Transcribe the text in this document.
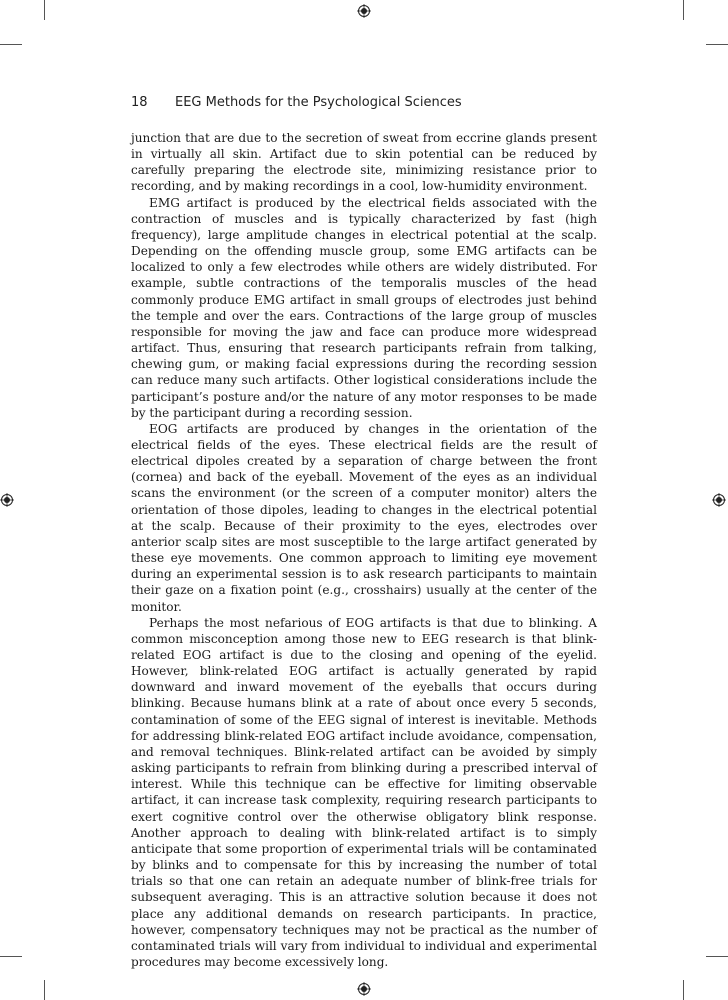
18 EEG Methods for the Psychological Sciences

junction that are due to the secretion of sweat from eccrine glands present in virtually all skin. Artifact due to skin potential can be reduced by carefully preparing the electrode site, minimizing resistance prior to recording, and by making recordings in a cool, low-humidity environment.

EMG artifact is produced by the electrical fields associated with the contraction of muscles and is typically characterized by fast (high frequency), large amplitude changes in electrical potential at the scalp. Depending on the offending muscle group, some EMG artifacts can be localized to only a few electrodes while others are widely distributed. For example, subtle contractions of the temporalis muscles of the head commonly produce EMG artifact in small groups of electrodes just behind the temple and over the ears. Contractions of the large group of muscles responsible for moving the jaw and face can produce more widespread artifact. Thus, ensuring that research participants refrain from talking, chewing gum, or making facial expressions during the recording session can reduce many such artifacts. Other logistical considerations include the participant’s posture and/or the nature of any motor responses to be made by the participant during a recording session.

EOG artifacts are produced by changes in the orientation of the electrical fields of the eyes. These electrical fields are the result of electrical dipoles created by a separation of charge between the front (cornea) and back of the eyeball. Movement of the eyes as an individual scans the environment (or the screen of a computer monitor) alters the orientation of those dipoles, leading to changes in the electrical potential at the scalp. Because of their proximity to the eyes, electrodes over anterior scalp sites are most susceptible to the large artifact generated by these eye movements. One common approach to limiting eye movement during an experimental session is to ask research participants to maintain their gaze on a fixation point (e.g., crosshairs) usually at the center of the monitor.

Perhaps the most nefarious of EOG artifacts is that due to blinking. A common misconception among those new to EEG research is that blink-related EOG artifact is due to the closing and opening of the eyelid. However, blink-related EOG artifact is actually generated by rapid downward and inward movement of the eyeballs that occurs during blinking. Because humans blink at a rate of about once every 5 seconds, contamination of some of the EEG signal of interest is inevitable. Methods for addressing blink-related EOG artifact include avoidance, compensation, and removal techniques. Blink-related artifact can be avoided by simply asking participants to refrain from blinking during a prescribed interval of interest. While this technique can be effective for limiting observable artifact, it can increase task complexity, requiring research participants to exert cognitive control over the otherwise obligatory blink response. Another approach to dealing with blink-related artifact is to simply anticipate that some proportion of experimental trials will be contaminated by blinks and to compensate for this by increasing the number of total trials so that one can retain an adequate number of blink-free trials for subsequent averaging. This is an attractive solution because it does not place any additional demands on research participants. In practice, however, compensatory techniques may not be practical as the number of contaminated trials will vary from individual to individual and experimental procedures may become excessively long.
